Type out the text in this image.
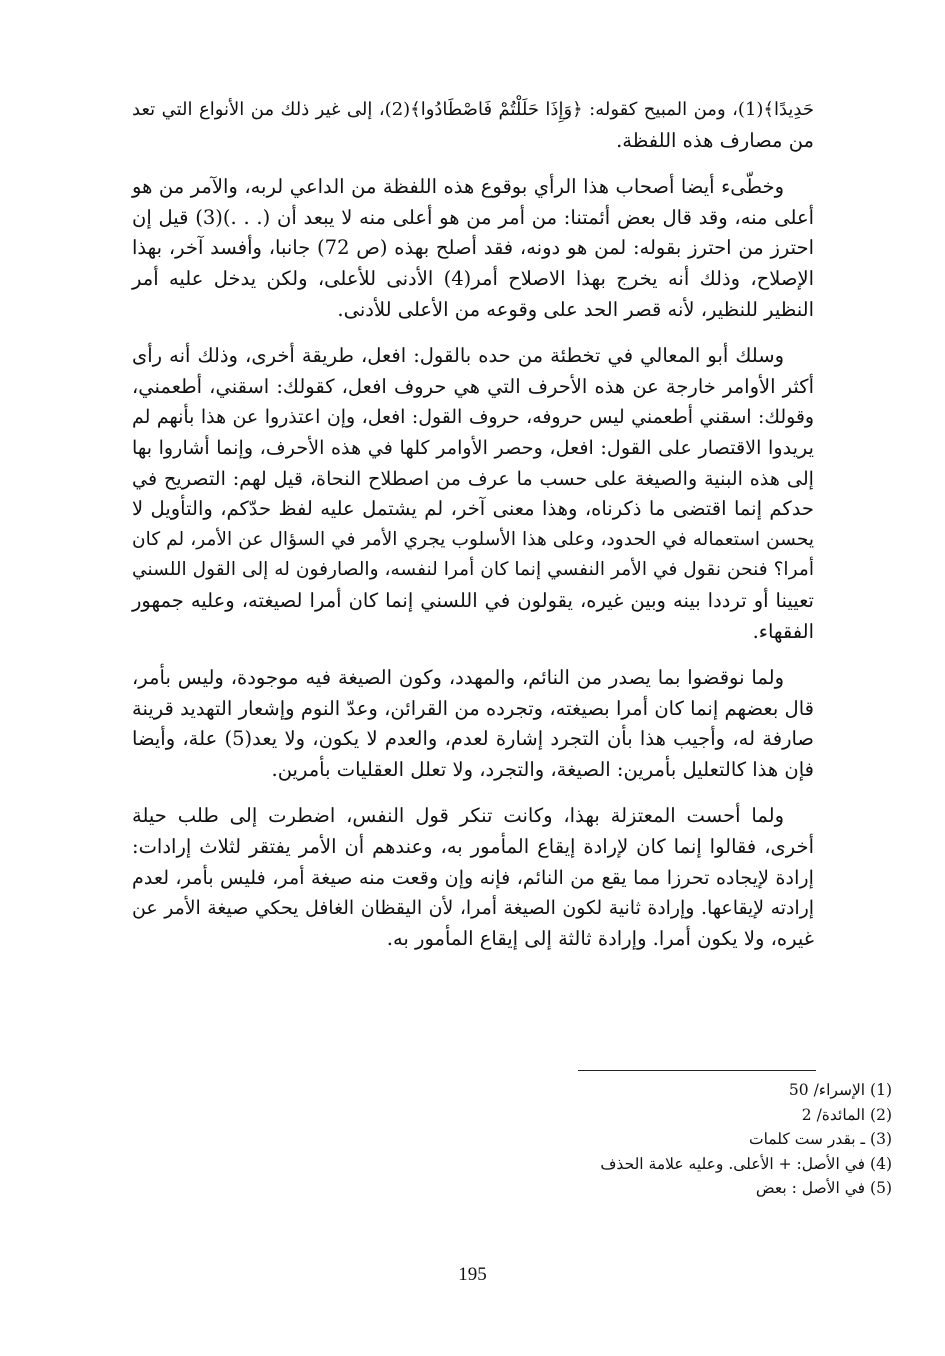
حَدِيدًا﴾(1)، ومن المبيح كقوله: ﴿وَإِذَا حَلَلْتُمْ فَاصْطَادُوا﴾(2)، إلى غير ذلك من الأنواع التي تعد
من مصارف هذه اللفظة.

وخطّىء أيضا أصحاب هذا الرأي بوقوع هذه اللفظة من الداعي لربه، والآمر من هو
أعلى منه، وقد قال بعض أئمتنا: من أمر من هو أعلى منه لا يبعد أن (. . .)(3) قيل إن
احترز من احترز بقوله: لمن هو دونه، فقد أصلح بهذه (ص 72) جانبا، وأفسد آخر، بهذا
الإصلاح، وذلك أنه يخرج بهذا الاصلاح أمر(4) الأدنى للأعلى، ولكن يدخل عليه أمر
النظير للنظير، لأنه قصر الحد على وقوعه من الأعلى للأدنى.

وسلك أبو المعالي في تخطئة من حده بالقول: افعل، طريقة أخرى، وذلك أنه رأى
أكثر الأوامر خارجة عن هذه الأحرف التي هي حروف افعل، كقولك: اسقني، أطعمني،
وقولك: اسقني أطعمني ليس حروفه، حروف القول: افعل، وإن اعتذروا عن هذا بأنهم لم
يريدوا الاقتصار على القول: افعل، وحصر الأوامر كلها في هذه الأحرف، وإنما أشاروا بها
إلى هذه البنية والصيغة على حسب ما عرف من اصطلاح النحاة، قيل لهم: التصريح في
حدكم إنما اقتضى ما ذكرناه، وهذا معنى آخر، لم يشتمل عليه لفظ حدّكم، والتأويل لا
يحسن استعماله في الحدود، وعلى هذا الأسلوب يجري الأمر في السؤال عن الأمر، لم كان
أمرا؟ فنحن نقول في الأمر النفسي إنما كان أمرا لنفسه، والصارفون له إلى القول اللسني
تعيينا أو ترددا بينه وبين غيره، يقولون في اللسني إنما كان أمرا لصيغته، وعليه جمهور
الفقهاء.

ولما نوقضوا بما يصدر من النائم، والمهدد، وكون الصيغة فيه موجودة، وليس بأمر،
قال بعضهم إنما كان أمرا بصيغته، وتجرده من القرائن، وعدّ النوم وإشعار التهديد قرينة
صارفة له، وأجيب هذا بأن التجرد إشارة لعدم، والعدم لا يكون، ولا يعد(5) علة، وأيضا
فإن هذا كالتعليل بأمرين: الصيغة، والتجرد، ولا تعلل العقليات بأمرين.

ولما أحست المعتزلة بهذا، وكانت تنكر قول النفس، اضطرت إلى طلب حيلة
أخرى، فقالوا إنما كان لإرادة إيقاع المأمور به، وعندهم أن الأمر يفتقر لثلاث إرادات:
إرادة لإيجاده تحرزا مما يقع من النائم، فإنه وإن وقعت منه صيغة أمر، فليس بأمر، لعدم
إرادته لإيقاعها. وإرادة ثانية لكون الصيغة أمرا، لأن اليقظان الغافل يحكي صيغة الأمر عن
غيره، ولا يكون أمرا. وإرادة ثالثة إلى إيقاع المأمور به.

(1) الإسراء/ 50
(2) المائدة/ 2
(3) ـ بقدر ست كلمات
(4) في الأصل: + الأعلى. وعليه علامة الحذف
(5) في الأصل : بعض
195
